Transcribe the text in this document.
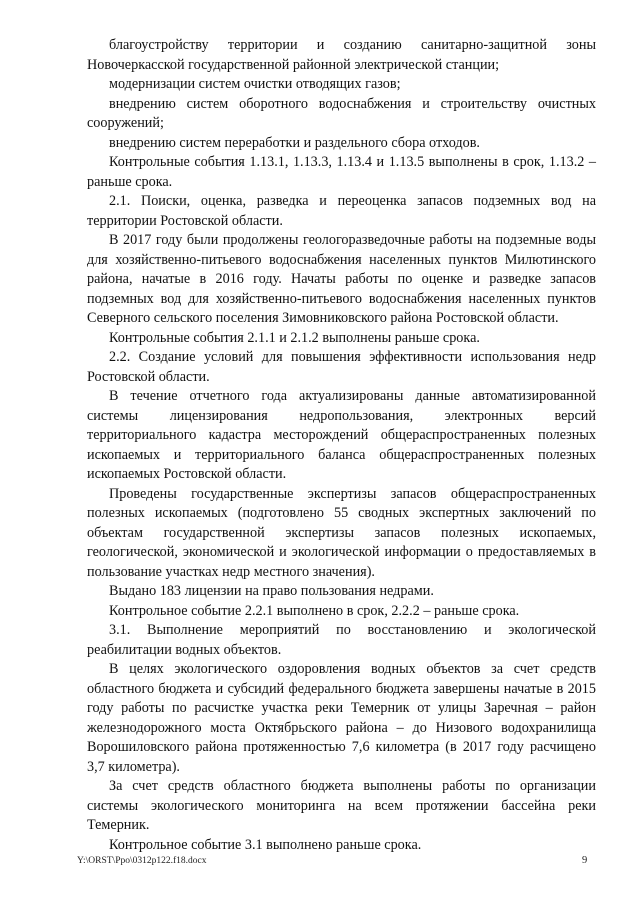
благоустройству территории и созданию санитарно-защитной зоны Новочеркасской государственной районной электрической станции;

модернизации систем очистки отводящих газов;

внедрению систем оборотного водоснабжения и строительству очистных сооружений;

внедрению систем переработки и раздельного сбора отходов.

Контрольные события 1.13.1, 1.13.3, 1.13.4 и 1.13.5 выполнены в срок, 1.13.2 – раньше срока.

2.1. Поиски, оценка, разведка и переоценка запасов подземных вод на территории Ростовской области.

В 2017 году были продолжены геологоразведочные работы на подземные воды для хозяйственно-питьевого водоснабжения населенных пунктов Милютинского района, начатые в 2016 году. Начаты работы по оценке и разведке запасов подземных вод для хозяйственно-питьевого водоснабжения населенных пунктов Северного сельского поселения Зимовниковского района Ростовской области.

Контрольные события 2.1.1 и 2.1.2 выполнены раньше срока.

2.2. Создание условий для повышения эффективности использования недр Ростовской области.

В течение отчетного года актуализированы данные автоматизированной системы лицензирования недропользования, электронных версий территориального кадастра месторождений общераспространенных полезных ископаемых и территориального баланса общераспространенных полезных ископаемых Ростовской области.

Проведены государственные экспертизы запасов общераспространенных полезных ископаемых (подготовлено 55 сводных экспертных заключений по объектам государственной экспертизы запасов полезных ископаемых, геологической, экономической и экологической информации о предоставляемых в пользование участках недр местного значения).

Выдано 183 лицензии на право пользования недрами.

Контрольное событие 2.2.1 выполнено в срок, 2.2.2 – раньше срока.

3.1. Выполнение мероприятий по восстановлению и экологической реабилитации водных объектов.

В целях экологического оздоровления водных объектов за счет средств областного бюджета и субсидий федерального бюджета завершены начатые в 2015 году работы по расчистке участка реки Темерник от улицы Заречная – район железнодорожного моста Октябрьского района – до Низового водохранилища Ворошиловского района протяженностью 7,6 километра (в 2017 году расчищено 3,7 километра).

За счет средств областного бюджета выполнены работы по организации системы экологического мониторинга на всем протяжении бассейна реки Темерник.

Контрольное событие 3.1 выполнено раньше срока.

Y:\ORST\Ppo\0312p122.f18.docx	9
